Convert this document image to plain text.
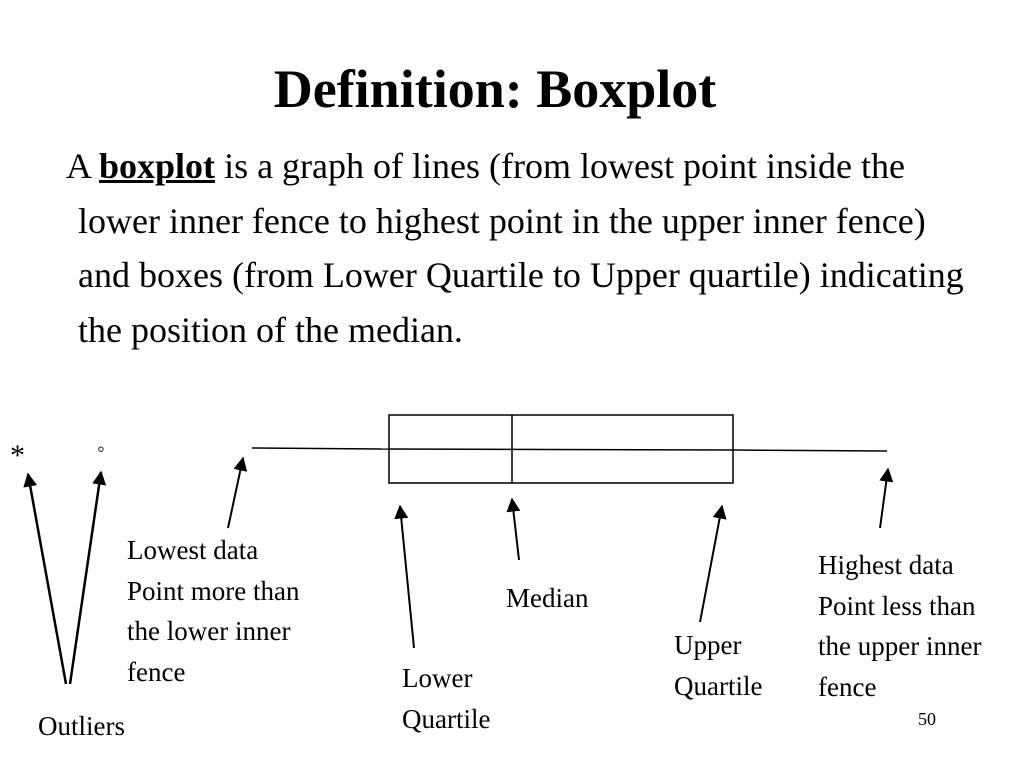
Definition: Boxplot

A boxplot is a graph of lines (from lowest point inside the lower inner fence to highest point in the upper inner fence) and boxes (from Lower Quartile to Upper quartile) indicating the position of the median.

*	◦
Lowest data
Point more than
the lower inner
fence
Median
Upper
Quartile
Lower
Quartile
Highest data
Point less than
the upper inner
fence
Outliers	50
